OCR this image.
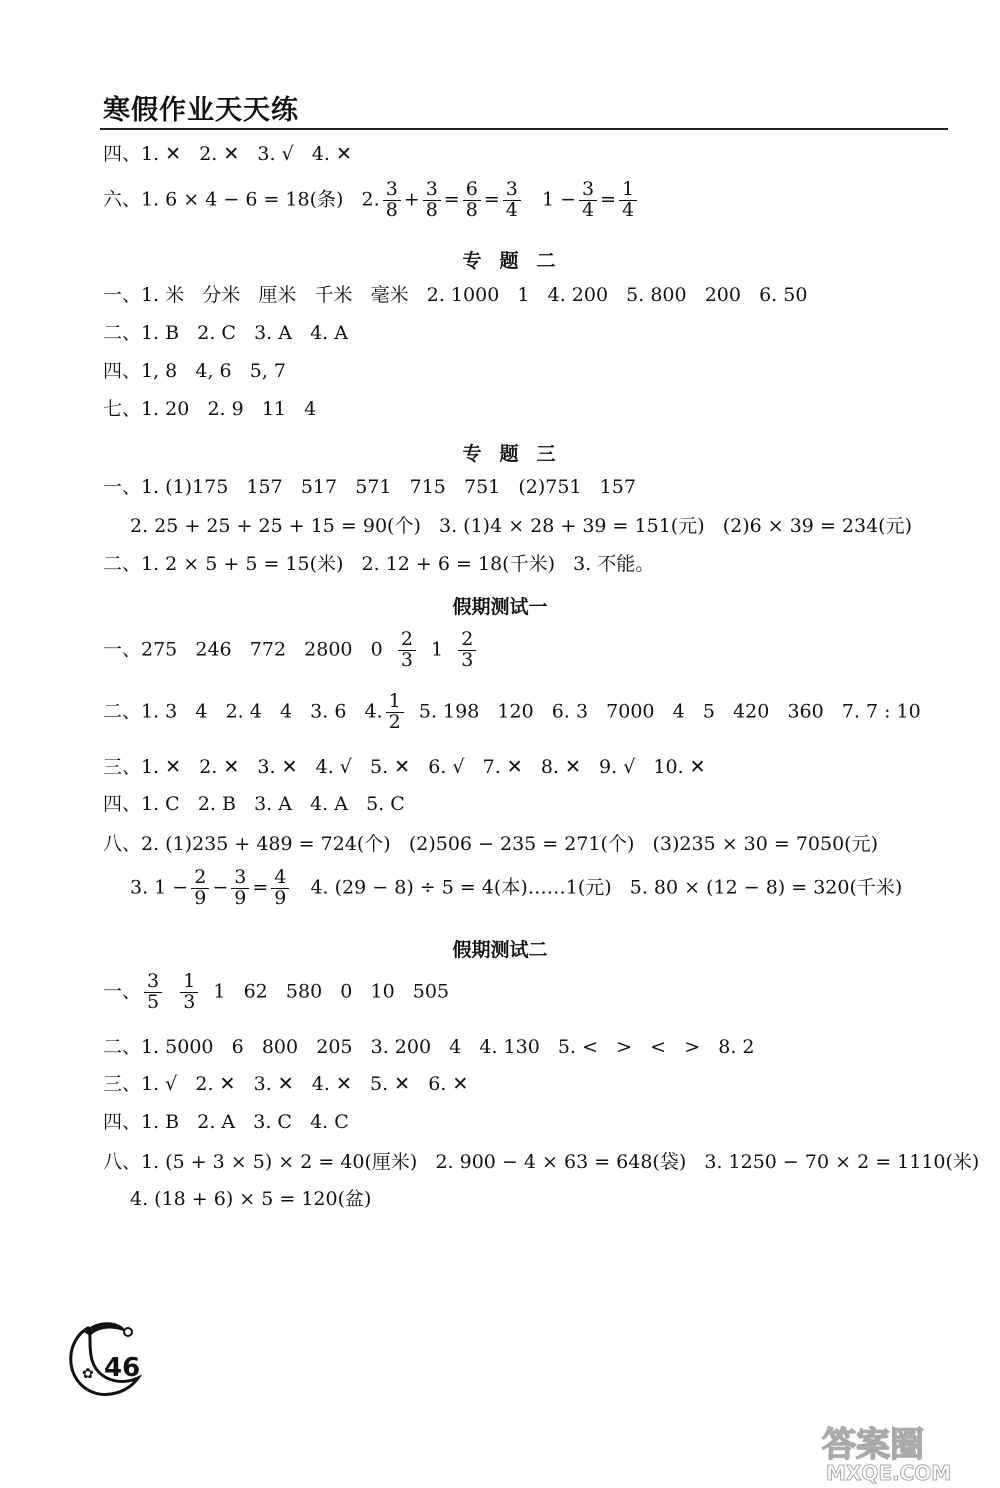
寒假作业天天练
四、1. ✕   2. ✕   3. √   4. ✕
六、1. 6 × 4 − 6 = 18(条)   2. $\frac{3}{8} + \frac{3}{8} = \frac{6}{8} = \frac{3}{4} 1 - \frac{3}{4} = \frac{1}{4}$
专题二
一、1. 米   分米   厘米   千米   毫米   2. 1000   1   4. 200   5. 800   200   6. 50
二、1. B   2. C   3. A   4. A
四、1, 8   4, 6   5, 7
七、1. 20   2. 9   11   4
专题三
一、1. (1)175   157   517   571   715   751   (2)751   157
2. 25 + 25 + 25 + 15 = 90(个)   3. (1)4 × 28 + 39 = 151(元)   (2)6 × 39 = 234(元)
二、1. 2 × 5 + 5 = 15(米)   2. 12 + 6 = 18(千米)   3. 不能。
假期测试一
一、275   246   772   2800   $0 \frac{2}{3} 1 \frac{2}{3}$
二、1. 3   4   2. 4   4   3. 6   4. $\frac{1}{2} 5$. 198   120   6. 3   7000   4   5   420   360   7. 7 : 10
三、1. ✕   2. ✕   3. ✕   4. √   5. ✕   6. √   7. ✕   8. ✕   9. √   10. ✕
四、1. C   2. B   3. A   4. A   5. C
八、2. (1)235 + 489 = 724(个)   (2)506 − 235 = 271(个)   (3)235 × 30 = 7050(元)
3. $1 - \frac{2}{9} - \frac{3}{9} = \frac{4}{9} 4$. (29 − 8) ÷ 5 = 4(本)……1(元)   5. 80 × (12 − 8) = 320(千米)
假期测试二
一、 $\frac{3}{5}$
$\frac{1}{3} 1$   62   580   0   10   505
二、1. 5000   6   800   205   3. 200   4   4. 130   5. <   >   <   >   8. 2
三、1. √   2. ✕   3. ✕   4. ✕   5. ✕   6. ✕
四、1. B   2. A   3. C   4. C
八、1. (5 + 3 × 5) × 2 = 40(厘米)   2. 900 − 4 × 63 = 648(袋)   3. 1250 − 70 × 2 = 1110(米)
4. (18 + 6) × 5 = 120(盆)
✿ 46
答案圈
MXQE.COM
